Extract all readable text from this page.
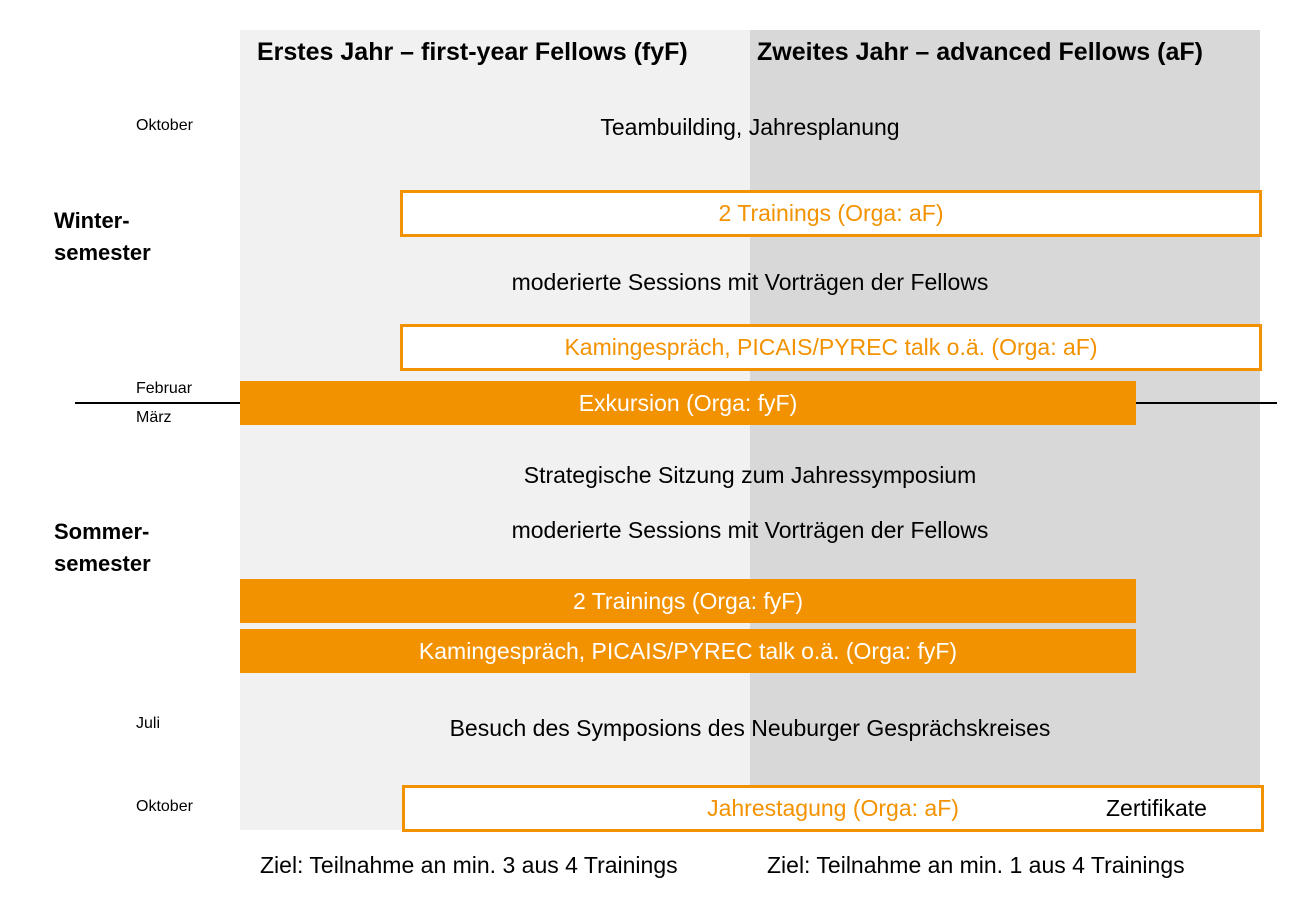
Erstes Jahr – first-year Fellows (fyF)	Zweites Jahr – advanced Fellows (aF)
Oktober
Februar
März
Juli
Oktober
Winter-
semester
Sommer-
semester
Teambuilding, Jahresplanung
2 Trainings (Orga: aF)
moderierte Sessions mit Vorträgen der Fellows
Kamingespräch, PICAIS/PYREC talk o.ä. (Orga: aF)
Exkursion (Orga: fyF)
Strategische Sitzung zum Jahressymposium
moderierte Sessions mit Vorträgen der Fellows
2 Trainings (Orga: fyF)
Kamingespräch, PICAIS/PYREC talk o.ä. (Orga: fyF)
Besuch des Symposions des Neuburger Gesprächskreises
Jahrestagung (Orga: aF)	Zertifikate
Ziel: Teilnahme an min. 3 aus 4 Trainings	Ziel: Teilnahme an min. 1 aus 4 Trainings
